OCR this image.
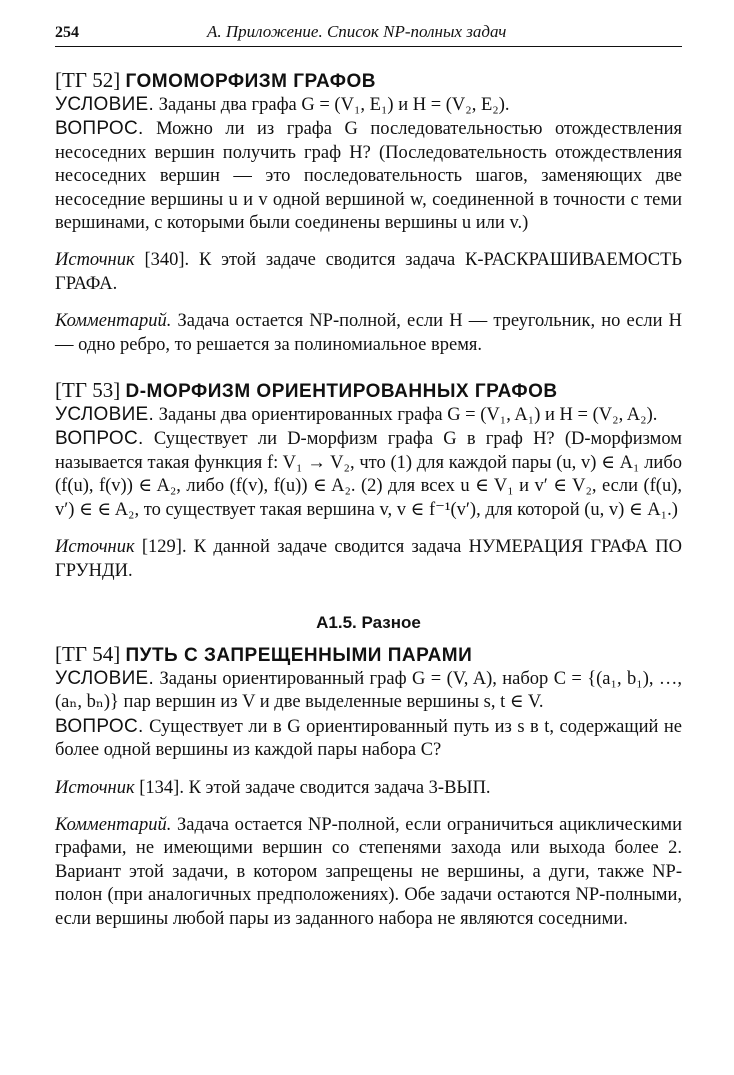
254	А. Приложение. Список NP-полных задач
[ТГ 52] ГОМОМОРФИЗМ ГРАФОВ

УСЛОВИЕ. Заданы два графа G = (V₁, E₁) и H = (V₂, E₂).

ВОПРОС. Можно ли из графа G последовательностью отождествления несоседних вершин получить граф H? (Последовательность отождествления несоседних вершин — это последовательность шагов, заменяющих две несоседние вершины u и v одной вершиной w, соединенной в точности с теми вершинами, с которыми были соединены вершины u или v.)

Источник [340]. К этой задаче сводится задача К-РАСКРАШИВАЕМОСТЬ ГРАФА.

Комментарий. Задача остается NP-полной, если H — треугольник, но если H — одно ребро, то решается за полиномиальное время.

[ТГ 53] D-МОРФИЗМ ОРИЕНТИРОВАННЫХ ГРАФОВ

УСЛОВИЕ. Заданы два ориентированных графа G = (V₁, A₁) и H = (V₂, A₂).

ВОПРОС. Существует ли D-морфизм графа G в граф H? (D-морфизмом называется такая функция f: V₁ → V₂, что (1) для каждой пары (u, v) ∈ A₁ либо (f(u), f(v)) ∈ A₂, либо (f(v), f(u)) ∈ A₂. (2) для всех u ∈ V₁ и v′ ∈ V₂, если (f(u), v′) ∈ ∈ A₂, то существует такая вершина v, v ∈ f⁻¹(v′), для которой (u, v) ∈ A₁.)

Источник [129]. К данной задаче сводится задача НУМЕРАЦИЯ ГРАФА ПО ГРУНДИ.

А1.5. Разное
[ТГ 54] ПУТЬ С ЗАПРЕЩЕННЫМИ ПАРАМИ

УСЛОВИЕ. Заданы ориентированный граф G = (V, A), набор C = {(a₁, b₁), …, (aₙ, bₙ)} пар вершин из V и две выделенные вершины s, t ∈ V.

ВОПРОС. Существует ли в G ориентированный путь из s в t, содержащий не более одной вершины из каждой пары набора C?

Источник [134]. К этой задаче сводится задача 3-ВЫП.

Комментарий. Задача остается NP-полной, если ограничиться ациклическими графами, не имеющими вершин со степенями захода или выхода более 2. Вариант этой задачи, в котором запрещены не вершины, а дуги, также NP-полон (при аналогичных предположениях). Обе задачи остаются NP-полными, если вершины любой пары из заданного набора не являются соседними.
